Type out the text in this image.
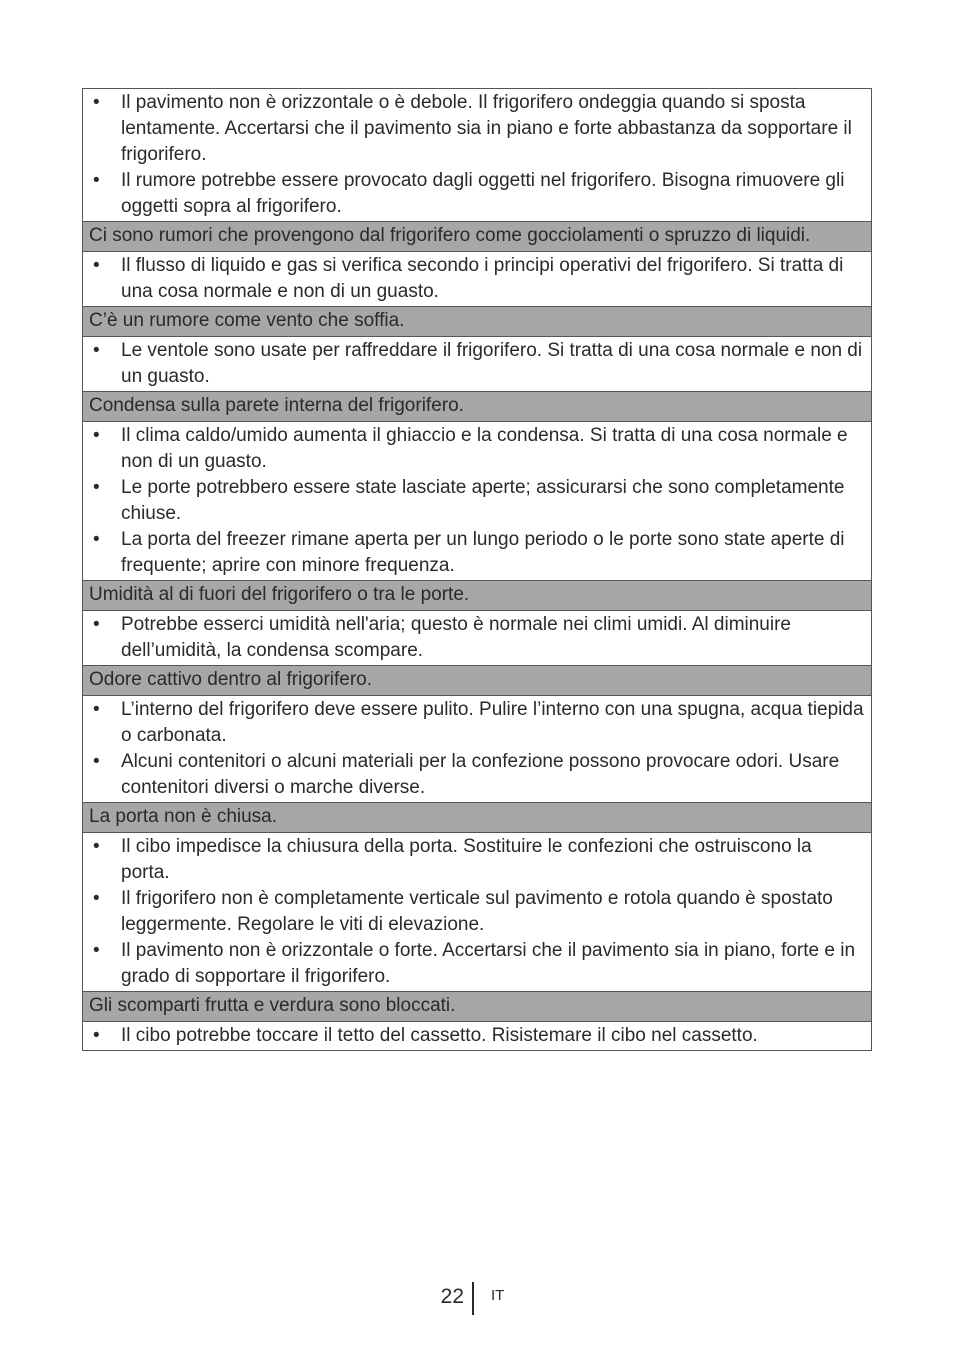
•	Il pavimento non è orizzontale o è debole. Il frigorifero ondeggia quando si sposta lentamente. Accertarsi che il pavimento sia in piano e forte abbastanza da sopportare il frigorifero.
•	Il rumore potrebbe essere provocato dagli oggetti nel frigorifero. Bisogna rimuovere gli oggetti sopra al frigorifero.
Ci sono rumori che provengono dal frigorifero come gocciolamenti o spruzzo di liquidi.
•	Il flusso di liquido e gas si verifica secondo i principi operativi del frigorifero. Si tratta di una cosa normale e non di un guasto.
C’è un rumore come vento che soffia.
•	Le ventole sono usate per raffreddare il frigorifero. Si tratta di una cosa normale e non di un guasto.
Condensa sulla parete interna del frigorifero.
•	Il clima caldo/umido aumenta il ghiaccio e la condensa. Si tratta di una cosa normale e non di un guasto.
•	Le porte potrebbero essere state lasciate aperte; assicurarsi che sono completamente chiuse.
•	La porta del freezer rimane aperta per un lungo periodo o le porte sono state aperte di frequente; aprire con minore frequenza.
Umidità al di fuori del frigorifero o tra le porte.
•	Potrebbe esserci umidità nell'aria; questo è normale nei climi umidi. Al diminuire dell’umidità, la condensa scompare.
Odore cattivo dentro al frigorifero.
•	L’interno del frigorifero deve essere pulito. Pulire l’interno con una spugna, acqua tiepida o carbonata.
•	Alcuni contenitori o alcuni materiali per la confezione possono provocare odori. Usare contenitori diversi o marche diverse.
La porta non è chiusa.
•	Il cibo impedisce la chiusura della porta. Sostituire le confezioni che ostruiscono la porta.
•	Il frigorifero non è completamente verticale sul pavimento e rotola quando è spostato leggermente. Regolare le viti di elevazione.
•	Il pavimento non è orizzontale o forte. Accertarsi che il pavimento sia in piano, forte e in grado di sopportare il frigorifero.
Gli scomparti frutta e verdura sono bloccati.
•	Il cibo potrebbe toccare il tetto del cassetto. Risistemare il cibo nel cassetto.
22 IT
